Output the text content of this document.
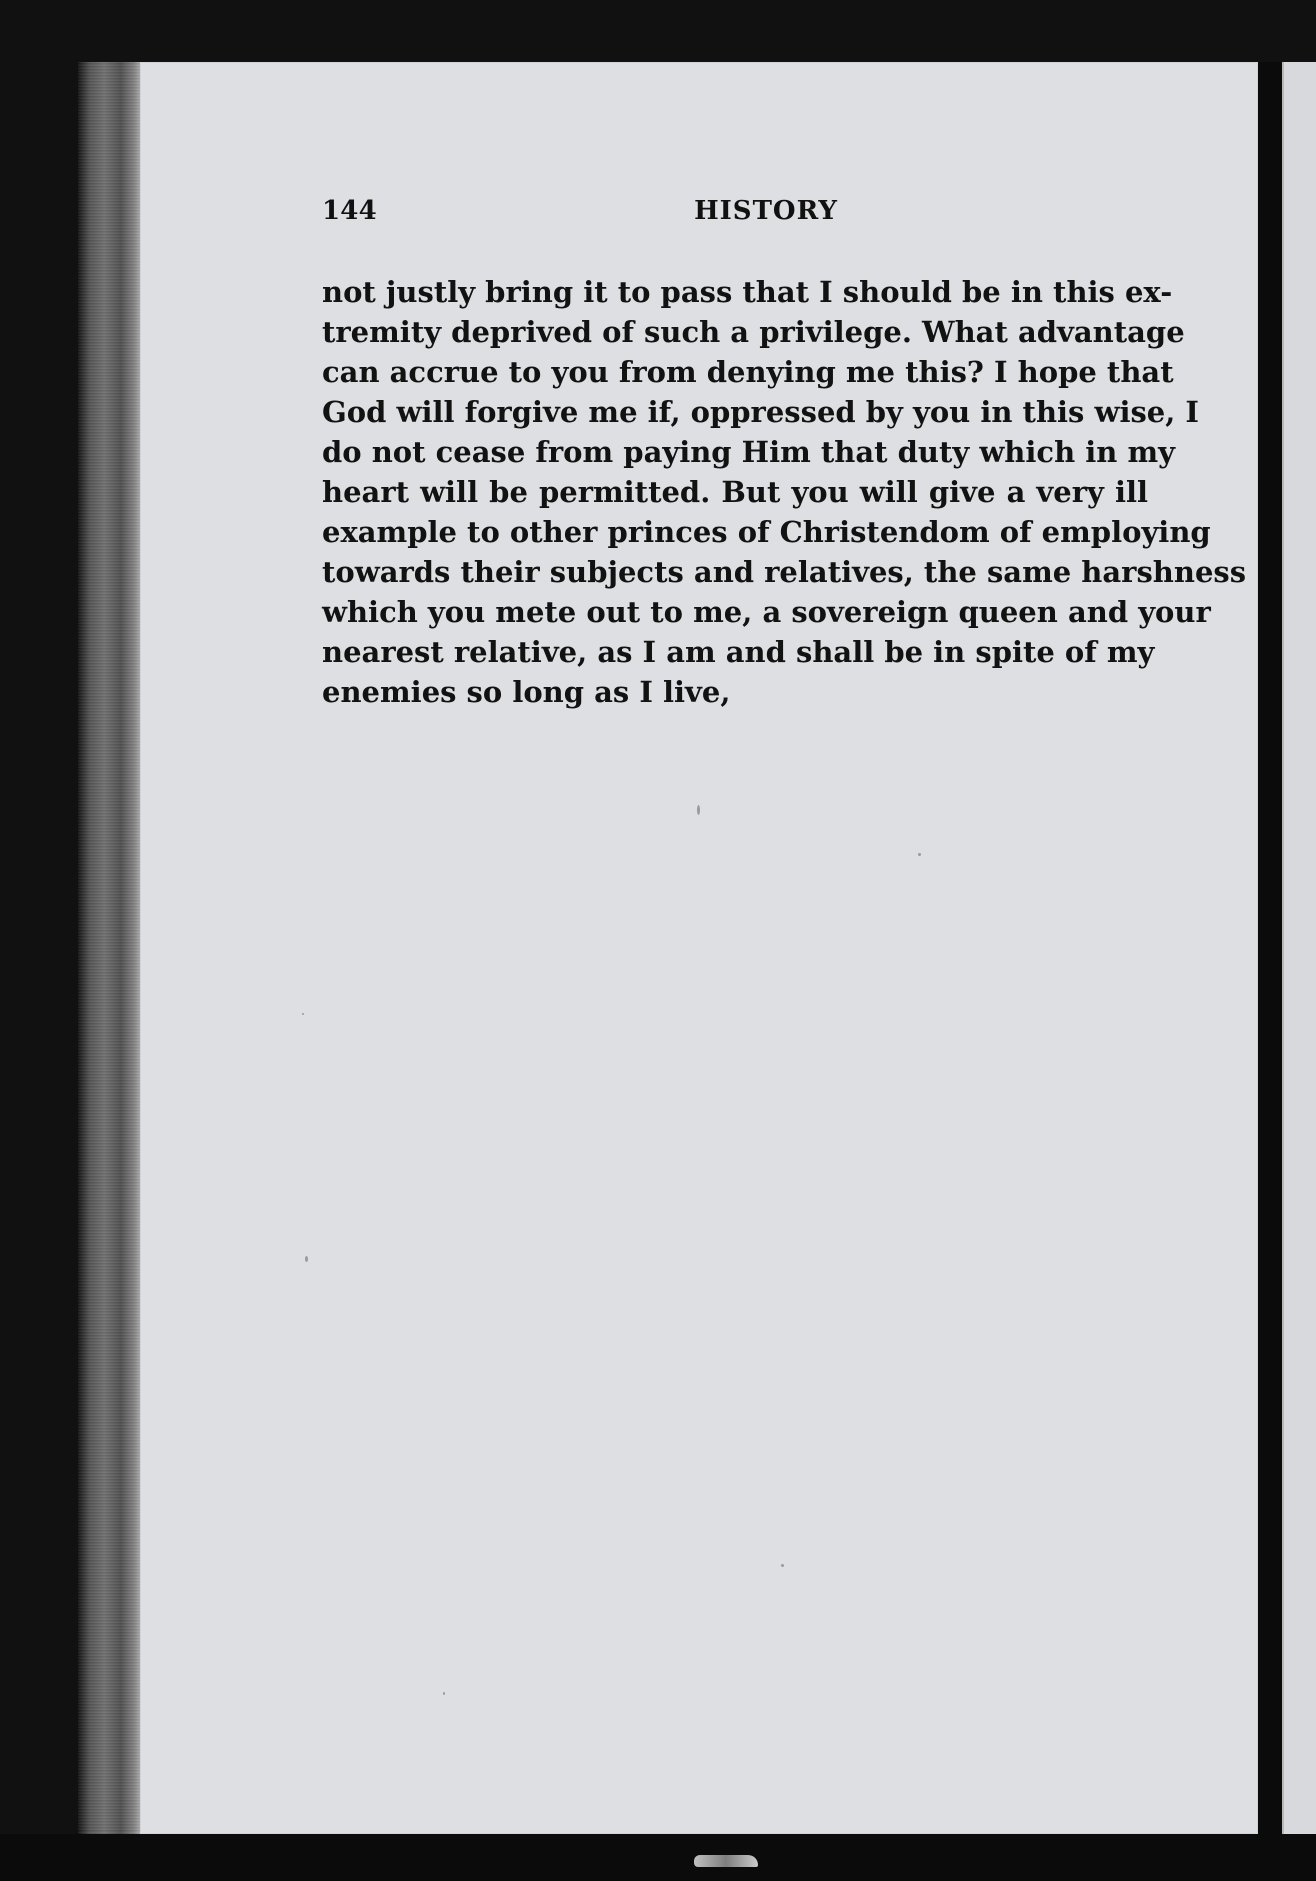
144	HISTORY
not justly bring it to pass that I should be in this ex-
tremity deprived of such a privilege. What advantage
can accrue to you from denying me this? I hope that
God will forgive me if, oppressed by you in this wise, I
do not cease from paying Him that duty which in my
heart will be permitted. But you will give a very ill
example to other princes of Christendom of employing
towards their subjects and relatives, the same harshness
which you mete out to me, a sovereign queen and your
nearest relative, as I am and shall be in spite of my
enemies so long as I live,
